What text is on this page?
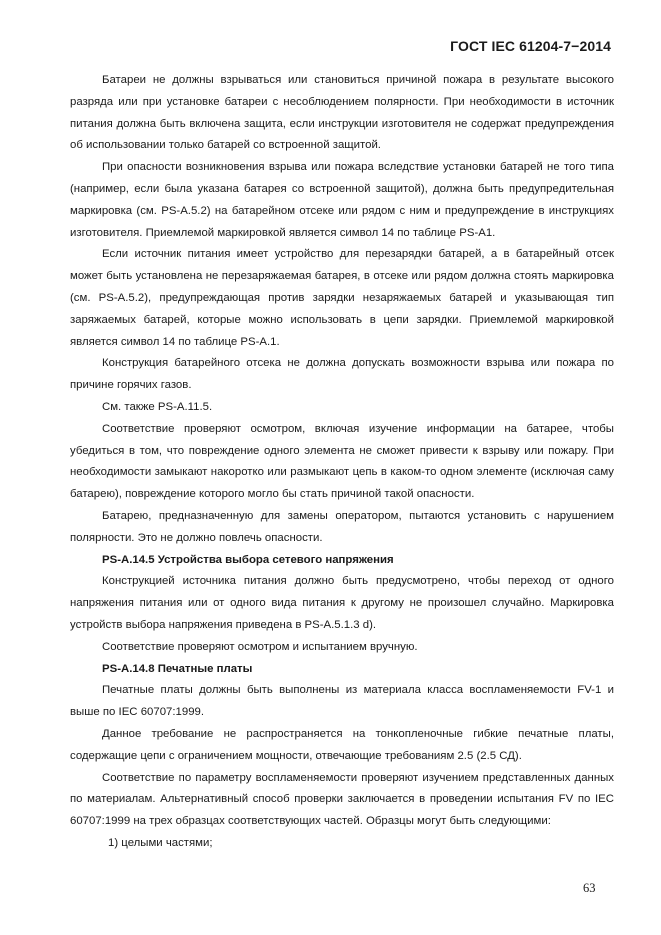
ГОСТ IEC 61204-7−2014

Батареи не должны взрываться или становиться причиной пожара в результате высокого разряда или при установке батареи с несоблюдением полярности. При необходимости в источник питания должна быть включена защита, если инструкции изготовителя не содержат предупреждения об использовании только батарей со встроенной защитой.

При опасности возникновения взрыва или пожара вследствие установки батарей не того типа (например, если была указана батарея со встроенной защитой), должна быть предупредительная маркировка (см. PS-A.5.2) на батарейном отсеке или рядом с ним и предупреждение в инструкциях изготовителя. Приемлемой маркировкой является символ 14 по таблице PS-A1.

Если источник питания имеет устройство для перезарядки батарей, а в батарейный отсек может быть установлена не перезаряжаемая батарея, в отсеке или рядом должна стоять маркировка (см. PS-A.5.2), предупреждающая против зарядки незаряжаемых батарей и указывающая тип заряжаемых батарей, которые можно использовать в цепи зарядки. Приемлемой маркировкой является символ 14 по таблице PS-A.1.

Конструкция батарейного отсека не должна допускать возможности взрыва или пожара по причине горячих газов.

См. также PS-A.11.5.

Соответствие проверяют осмотром, включая изучение информации на батарее, чтобы убедиться в том, что повреждение одного элемента не сможет привести к взрыву или пожару. При необходимости замыкают накоротко или размыкают цепь в каком-то одном элементе (исключая саму батарею), повреждение которого могло бы стать причиной такой опасности.

Батарею, предназначенную для замены оператором, пытаются установить с нарушением полярности. Это не должно повлечь опасности.

PS-A.14.5 Устройства выбора сетевого напряжения

Конструкцией источника питания должно быть предусмотрено, чтобы переход от одного напряжения питания или от одного вида питания к другому не произошел случайно. Маркировка устройств выбора напряжения приведена в PS-A.5.1.3 d).

Соответствие проверяют осмотром и испытанием вручную.

PS-A.14.8 Печатные платы

Печатные платы должны быть выполнены из материала класса воспламеняемости FV-1 и выше по IEC 60707:1999.

Данное требование не распространяется на тонкопленочные гибкие печатные платы, содержащие цепи с ограничением мощности, отвечающие требованиям 2.5 (2.5 СД).

Соответствие по параметру воспламеняемости проверяют изучением представленных данных по материалам. Альтернативный способ проверки заключается в проведении испытания FV по IEC 60707:1999 на трех образцах соответствующих частей. Образцы могут быть следующими:

1) целыми частями;

63
